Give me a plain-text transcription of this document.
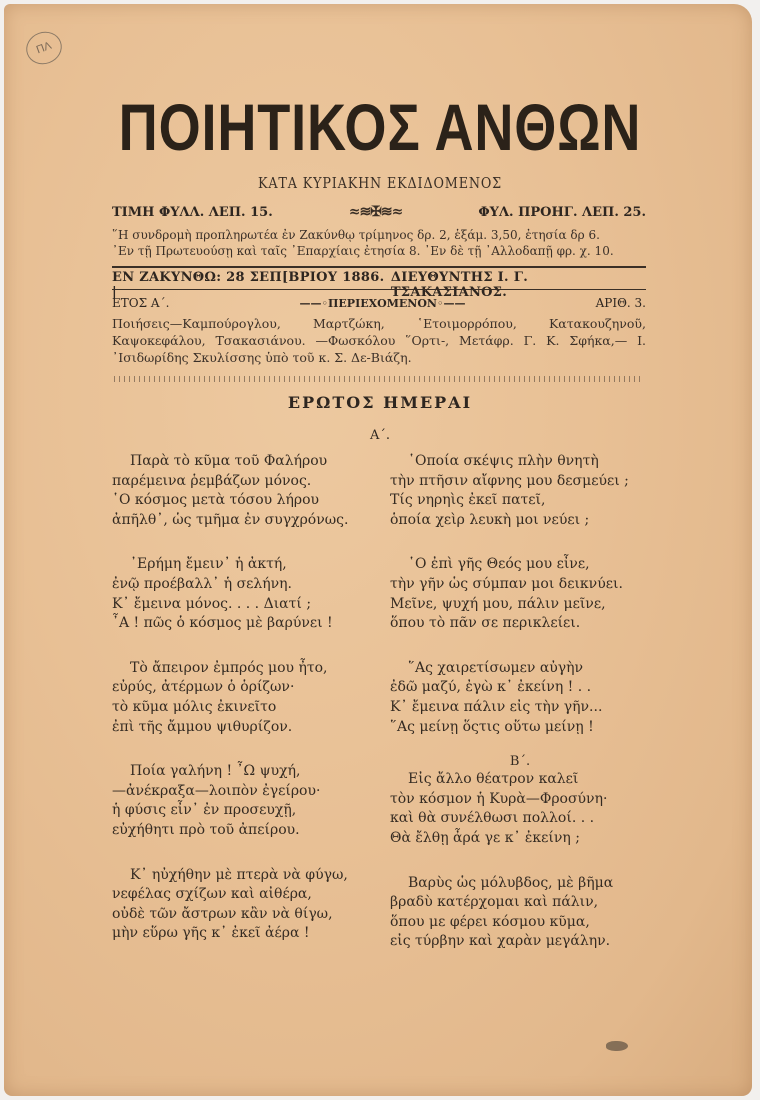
ΠΛ
ΠΟΙΗΤΙΚΟΣ ΑΝΘΩΝ
ΚΑΤΑ ΚΥΡΙΑΚΗΝ ΕΚΔΙΔΟΜΕΝΟΣ
ΤΙΜΗ ΦΥΛΛ. ΛΕΠ. 15.	≈≋✠≋≈	ΦΥΛ. ΠΡΟΗΓ. ΛΕΠ. 25.
῞Η συνδρομὴ προπληρωτέα ἐν Ζακύνθῳ τρίμηνος δρ. 2, ἑξάμ. 3,50, ἐτησία δρ 6.
᾿Εν τῇ Πρωτευούσῃ καὶ ταῖς ᾿Επαρχίαις ἐτησία 8. ᾿Εν δὲ τῇ ᾿Αλλοδαπῇ φρ. χ. 10.
ΕΝ ΖΑΚΥΝΘΩ: 28 ΣΕΠ[ΒΡΙΟΥ 1886. |
ΔΙΕΥΘΥΝΤΗΣ Ι. Γ. ΤΣΑΚΑΣΙΑΝΟΣ.
ΕΤΟΣ Α΄.	——◦ΠΕΡΙΕΧΟΜΕΝΟΝ◦——	ΑΡΙΘ. 3.
Ποιήσεις—Καμπούρογλου, Μαρτζώκη, ῾Ετοιμορρόπου, Κατακουζηνοῦ, Καψοκεφάλου, Τσακασιάνου. —Φωσκόλου ῞Ορτι-, Μετάφρ. Γ. Κ. Σφήκα,— Ι. ᾿Ισιδωρίδης Σκυλίσσης ὑπὸ τοῦ κ. Σ. Δε-Βιάζη.
ΕΡΩΤΟΣ ΗΜΕΡΑΙ
Α΄.
Παρὰ τὸ κῦμα τοῦ Φαλήρου
παρέμεινα ῥεμβάζων μόνος.
῾Ο κόσμος μετὰ τόσου λήρου
ἀπῆλθ᾿, ὡς τμῆμα ἐν συγχρόνως.
᾿Ερήμη ἔμειν᾿ ἡ ἀκτή,
ἐνῷ προέβαλλ᾿ ἡ σελήνη.
Κ᾿ ἔμεινα μόνος. . . . Διατί ;
῏Α ! πῶς ὁ κόσμος μὲ βαρύνει !
Τὸ ἄπειρον ἐμπρός μου ἦτο,
εὐρύς, ἀτέρμων ὁ ὁρίζων·
τὸ κῦμα μόλις ἐκινεῖτο
ἐπὶ τῆς ἄμμου ψιθυρίζον.
Ποία γαλήνη ! ῏Ω ψυχή,
—ἀνέκραξα—λοιπὸν ἐγείρου·
ἡ φύσις εἶν᾿ ἐν προσευχῇ,
εὐχήθητι πρὸ τοῦ ἀπείρου.
Κ᾿ ηὐχήθην μὲ πτερὰ νὰ φύγω,
νεφέλας σχίζων καὶ αἰθέρα,
οὐδὲ τῶν ἄστρων κἂν νὰ θίγω,
μὴν εὕρω γῆς κ᾿ ἐκεῖ ἀέρα !
῾Οποία σκέψις πλὴν θνητὴ
τὴν πτῆσιν αἴφνης μου δεσμεύει ;
Τίς νηρηὶς ἐκεῖ πατεῖ,
ὁποία χεὶρ λευκὴ μοι νεύει ;
῾Ο ἐπὶ γῆς Θεός μου εἶνε,
τὴν γῆν ὡς σύμπαν μοι δεικνύει.
Μεῖνε, ψυχή μου, πάλιν μεῖνε,
ὅπου τὸ πᾶν σε περικλείει.
῞Ας χαιρετίσωμεν αὐγὴν
ἐδῶ μαζύ, ἐγὼ κ᾿ ἐκείνη ! . .
Κ᾿ ἔμεινα πάλιν εἰς τὴν γῆν...
῞Ας μείνῃ ὅςτις οὕτω μείνῃ !
Β΄.
Εἰς ἄλλο θέατρον καλεῖ
τὸν κόσμον ἡ Κυρὰ—Φροσύνη·
καὶ θὰ συνέλθωσι πολλοί. . .
Θὰ ἔλθῃ ἆρά γε κ᾿ ἐκείνη ;
Βαρὺς ὡς μόλυβδος, μὲ βῆμα
βραδὺ κατέρχομαι καὶ πάλιν,
ὅπου με φέρει κόσμου κῦμα,
εἰς τύρβην καὶ χαρὰν μεγάλην.
